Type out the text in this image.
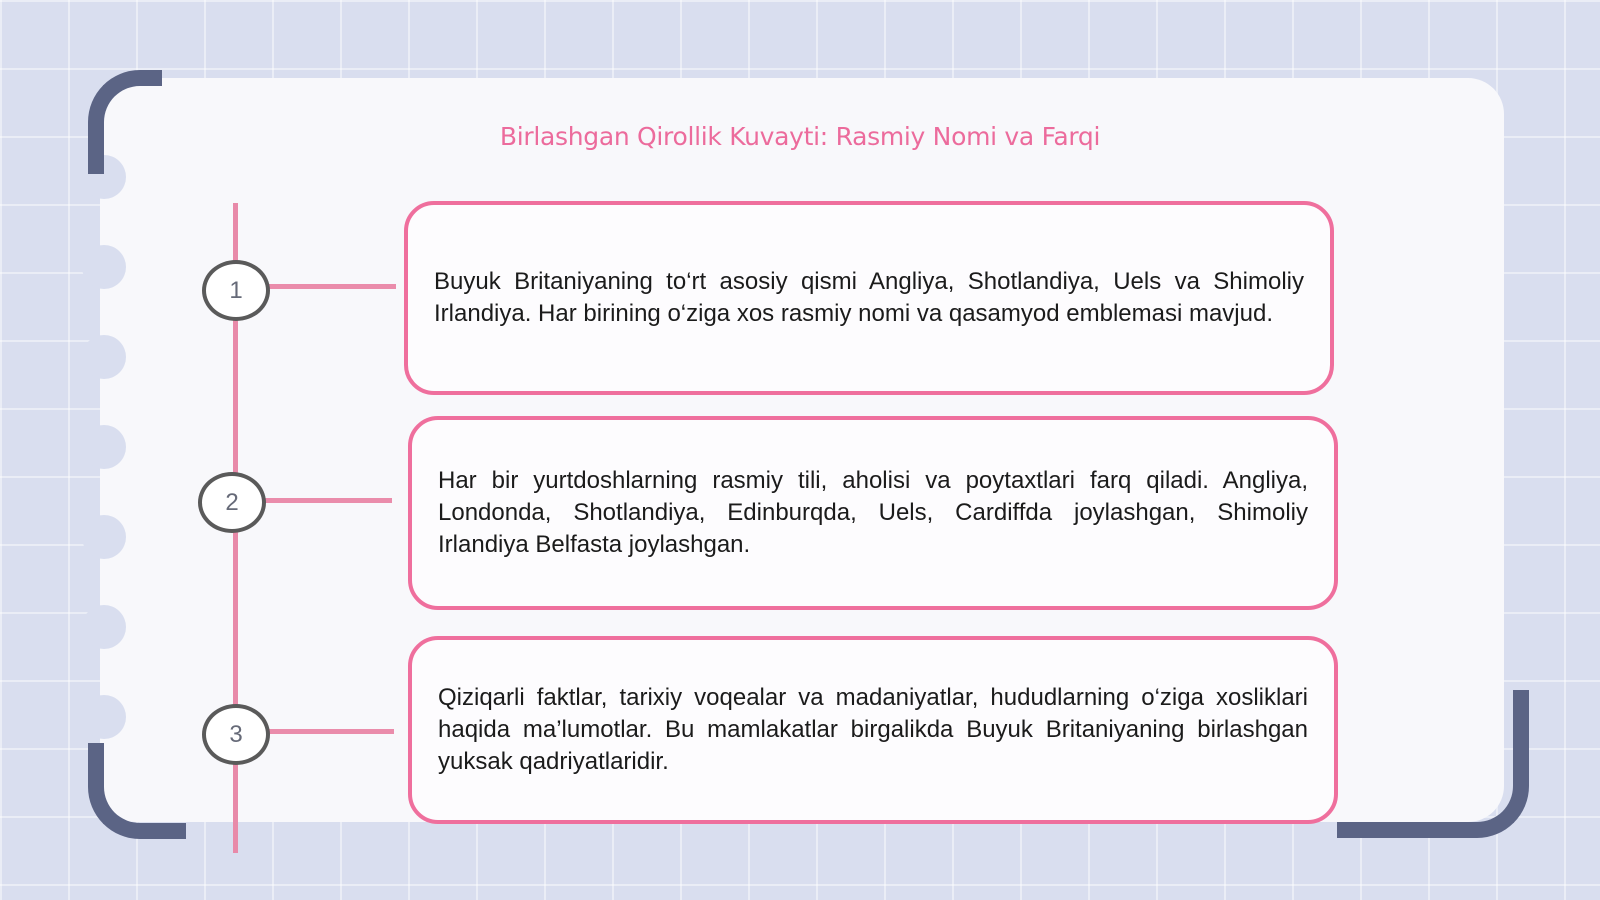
Birlashgan Qirollik Kuvayti: Rasmiy Nomi va Farqi
1
2
3

Buyuk Britaniyaning to‘rt asosiy qismi Angliya, Shotlandiya, Uels va Shimoliy Irlandiya. Har birining o‘ziga xos rasmiy nomi va qasamyod emblemasi mavjud.

Har bir yurtdoshlarning rasmiy tili, aholisi va poytaxtlari farq qiladi. Angliya, Londonda, Shotlandiya, Edinburqda, Uels, Cardiffda joylashgan, Shimoliy Irlandiya Belfasta joylashgan.

Qiziqarli faktlar, tarixiy voqealar va madaniyatlar, hududlarning o‘ziga xosliklari haqida ma’lumotlar. Bu mamlakatlar birgalikda Buyuk Britaniyaning birlashgan yuksak qadriyatlaridir.
